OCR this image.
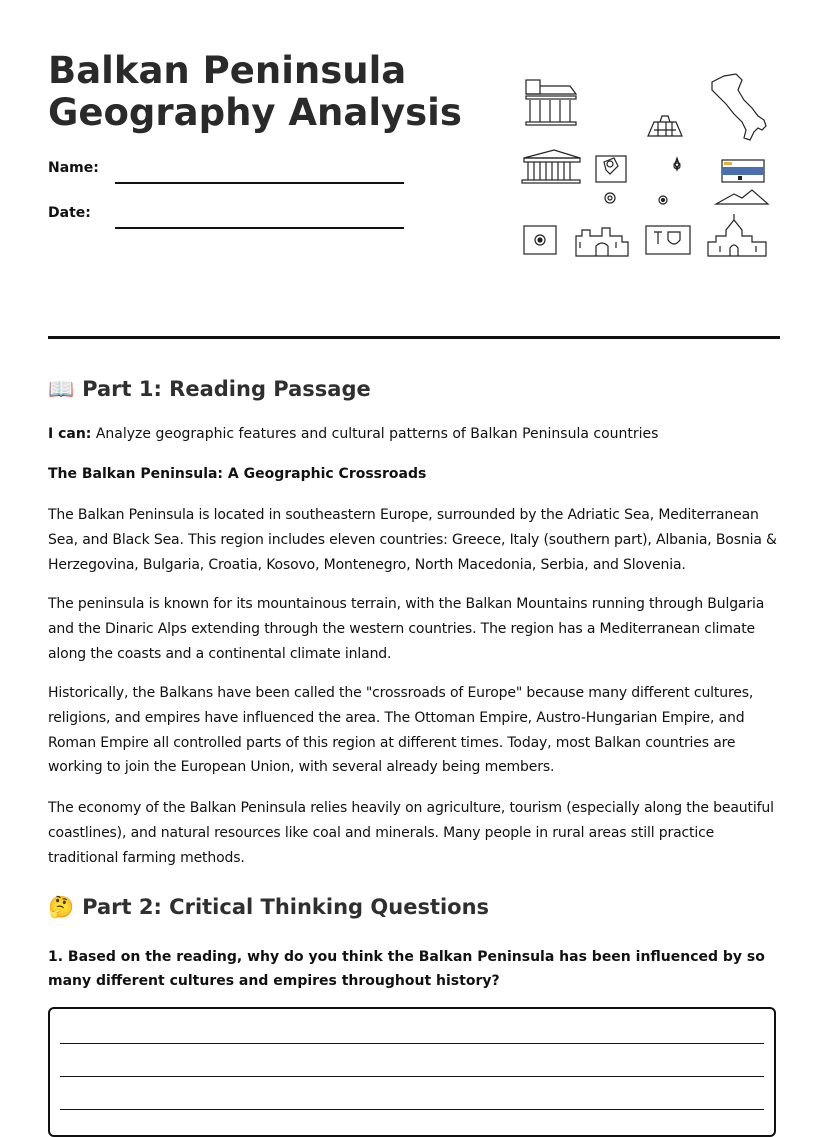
Balkan Peninsula
Geography Analysis
Name:
Date:
📖 Part 1: Reading Passage
I can: Analyze geographic features and cultural patterns of Balkan Peninsula countries
The Balkan Peninsula: A Geographic Crossroads

The Balkan Peninsula is located in southeastern Europe, surrounded by the Adriatic Sea, Mediterranean Sea, and Black Sea. This region includes eleven countries: Greece, Italy (southern part), Albania, Bosnia & Herzegovina, Bulgaria, Croatia, Kosovo, Montenegro, North Macedonia, Serbia, and Slovenia.

The peninsula is known for its mountainous terrain, with the Balkan Mountains running through Bulgaria and the Dinaric Alps extending through the western countries. The region has a Mediterranean climate along the coasts and a continental climate inland.

Historically, the Balkans have been called the "crossroads of Europe" because many different cultures, religions, and empires have influenced the area. The Ottoman Empire, Austro-Hungarian Empire, and Roman Empire all controlled parts of this region at different times. Today, most Balkan countries are working to join the European Union, with several already being members.

The economy of the Balkan Peninsula relies heavily on agriculture, tourism (especially along the beautiful coastlines), and natural resources like coal and minerals. Many people in rural areas still practice traditional farming methods.

🤔 Part 2: Critical Thinking Questions

1. Based on the reading, why do you think the Balkan Peninsula has been influenced by so many different cultures and empires throughout history?
